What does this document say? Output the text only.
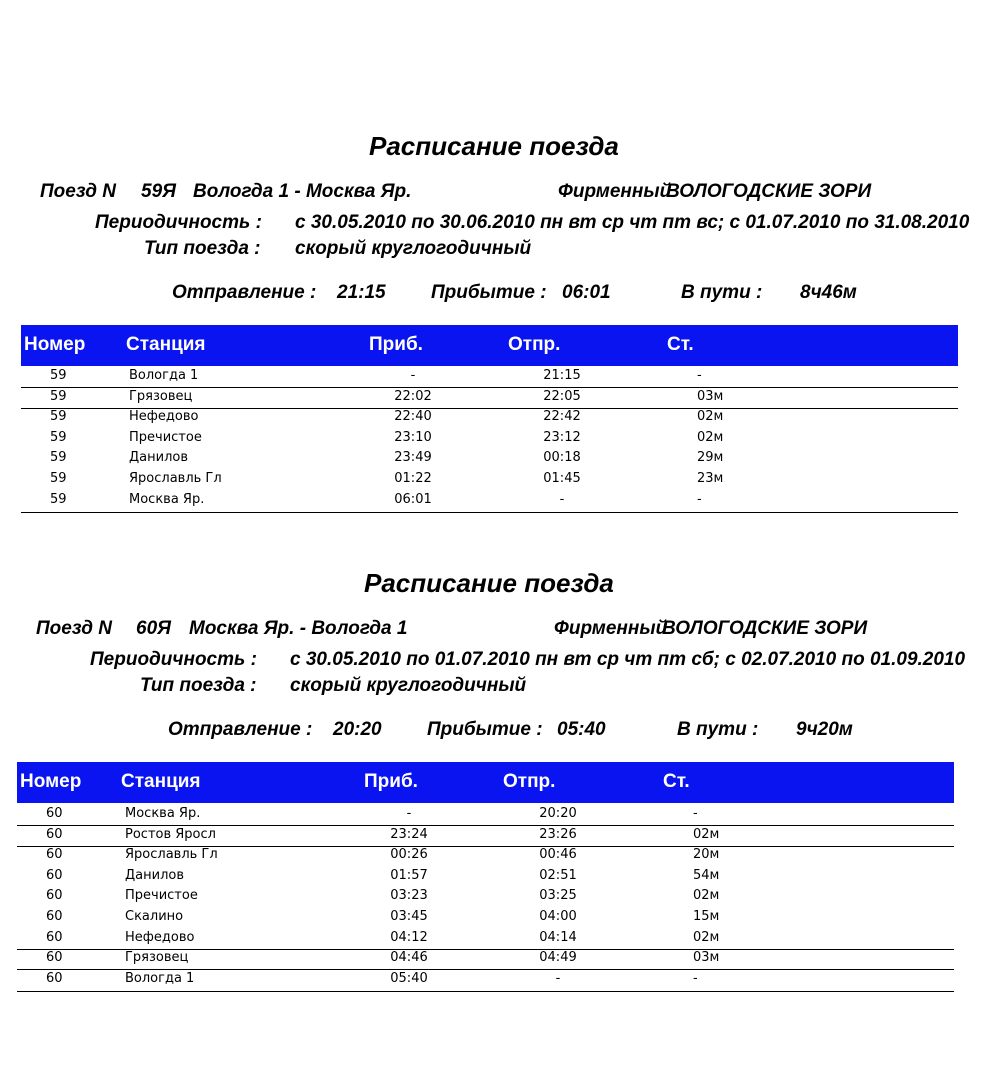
Расписание поезда
Поезд N 59Я Вологда 1 - Москва Яр.	Фирменный
ВОЛОГОДСКИЕ ЗОРИ
Периодичность : с 30.05.2010 по 30.06.2010 пн вт ср чт пт вс; с 01.07.2010 по 31.08.2010
Тип поезда : скорый круглогодичный
Отправление : 21:15 Прибытие : 06:01	В пути : 8ч46м
Номер Станция	Приб.	Отпр.	Ст.
59	Вологда 1	-	21:15	-
59	Грязовец	22:02	22:05	03м
59	Нефедово	22:40	22:42	02м
59	Пречистое	23:10	23:12	02м
59	Данилов	23:49	00:18	29м
59	Ярославль Гл	01:22	01:45	23м
59	Москва Яр.	06:01	-	-
Расписание поезда
Поезд N 60Я Москва Яр. - Вологда 1	Фирменный
ВОЛОГОДСКИЕ ЗОРИ
Периодичность : с 30.05.2010 по 01.07.2010 пн вт ср чт пт сб; с 02.07.2010 по 01.09.2010
Тип поезда : скорый круглогодичный
Отправление : 20:20 Прибытие : 05:40	В пути : 9ч20м
Номер Станция	Приб.	Отпр.	Ст.
60	Москва Яр.	-	20:20	-
60	Ростов Яросл	23:24	23:26	02м
60	Ярославль Гл	00:26	00:46	20м
60	Данилов	01:57	02:51	54м
60	Пречистое	03:23	03:25	02м
60	Скалино	03:45	04:00	15м
60	Нефедово	04:12	04:14	02м
60	Грязовец	04:46	04:49	03м
60	Вологда 1	05:40	-	-
